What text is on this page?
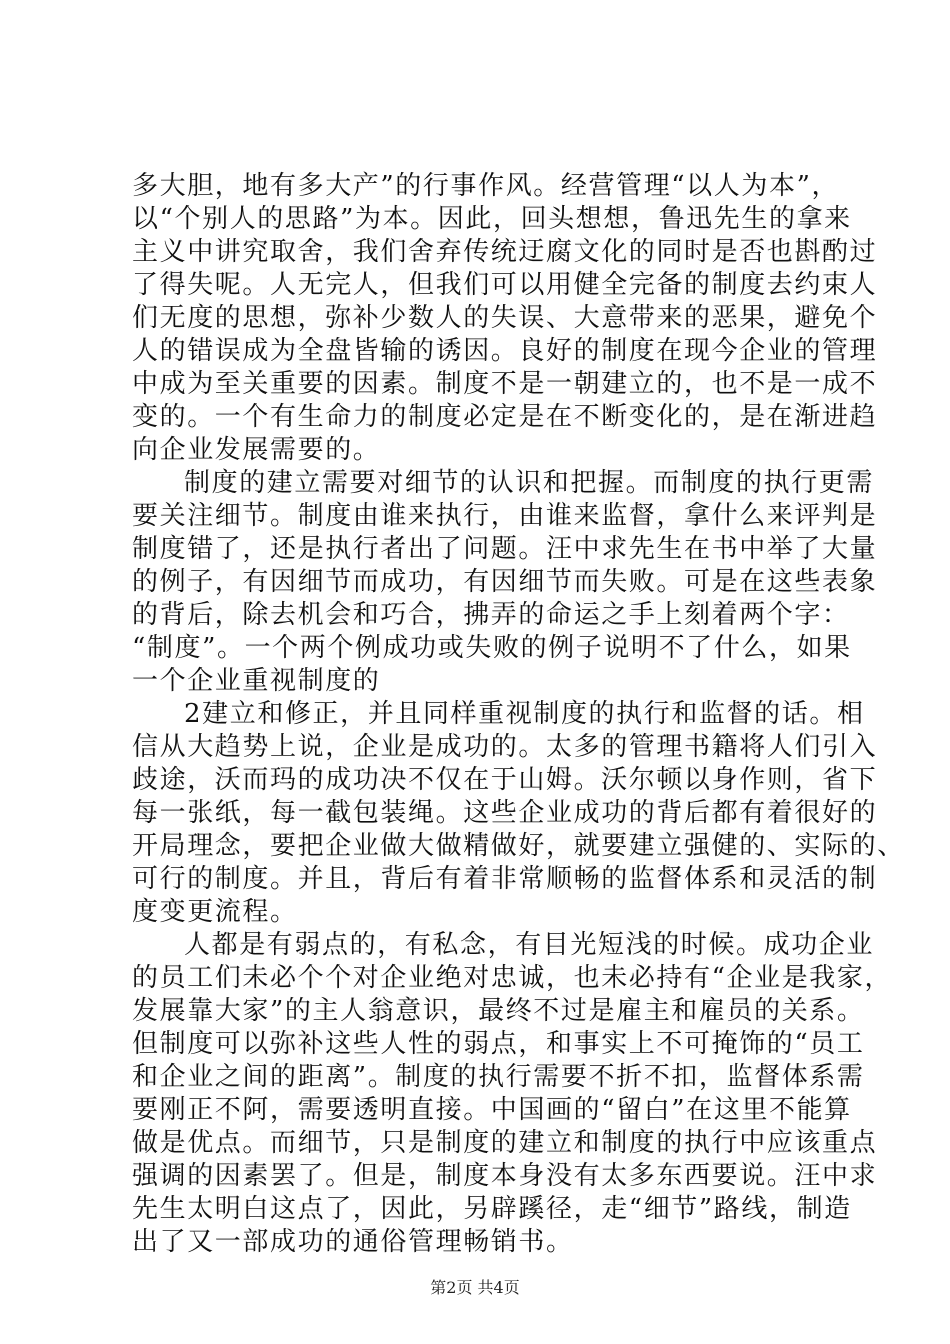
多大胆，地有多大产”的行事作风。经营管理“以人为本”，
以“个别人的思路”为本。因此，回头想想，鲁迅先生的拿来
主义中讲究取舍，我们舍弃传统迂腐文化的同时是否也斟酌过
了得失呢。人无完人，但我们可以用健全完备的制度去约束人
们无度的思想，弥补少数人的失误、大意带来的恶果，避免个
人的错误成为全盘皆输的诱因。良好的制度在现今企业的管理
中成为至关重要的因素。制度不是一朝建立的，也不是一成不
变的。一个有生命力的制度必定是在不断变化的，是在渐进趋
向企业发展需要的。
制度的建立需要对细节的认识和把握。而制度的执行更需
要关注细节。制度由谁来执行，由谁来监督，拿什么来评判是
制度错了，还是执行者出了问题。汪中求先生在书中举了大量
的例子，有因细节而成功，有因细节而失败。可是在这些表象
的背后，除去机会和巧合，拂弄的命运之手上刻着两个字：
“制度”。一个两个例成功或失败的例子说明不了什么，如果
一个企业重视制度的
2建立和修正，并且同样重视制度的执行和监督的话。相
信从大趋势上说，企业是成功的。太多的管理书籍将人们引入
歧途，沃而玛的成功决不仅在于山姆。沃尔顿以身作则，省下
每一张纸，每一截包装绳。这些企业成功的背后都有着很好的
开局理念，要把企业做大做精做好，就要建立强健的、实际的、
可行的制度。并且，背后有着非常顺畅的监督体系和灵活的制
度变更流程。
人都是有弱点的，有私念，有目光短浅的时候。成功企业
的员工们未必个个对企业绝对忠诚，也未必持有“企业是我家，
发展靠大家”的主人翁意识，最终不过是雇主和雇员的关系。
但制度可以弥补这些人性的弱点，和事实上不可掩饰的“员工
和企业之间的距离”。制度的执行需要不折不扣，监督体系需
要刚正不阿，需要透明直接。中国画的“留白”在这里不能算
做是优点。而细节，只是制度的建立和制度的执行中应该重点
强调的因素罢了。但是，制度本身没有太多东西要说。汪中求
先生太明白这点了，因此，另辟蹊径，走“细节”路线，制造
出了又一部成功的通俗管理畅销书。
第2页 共4页
